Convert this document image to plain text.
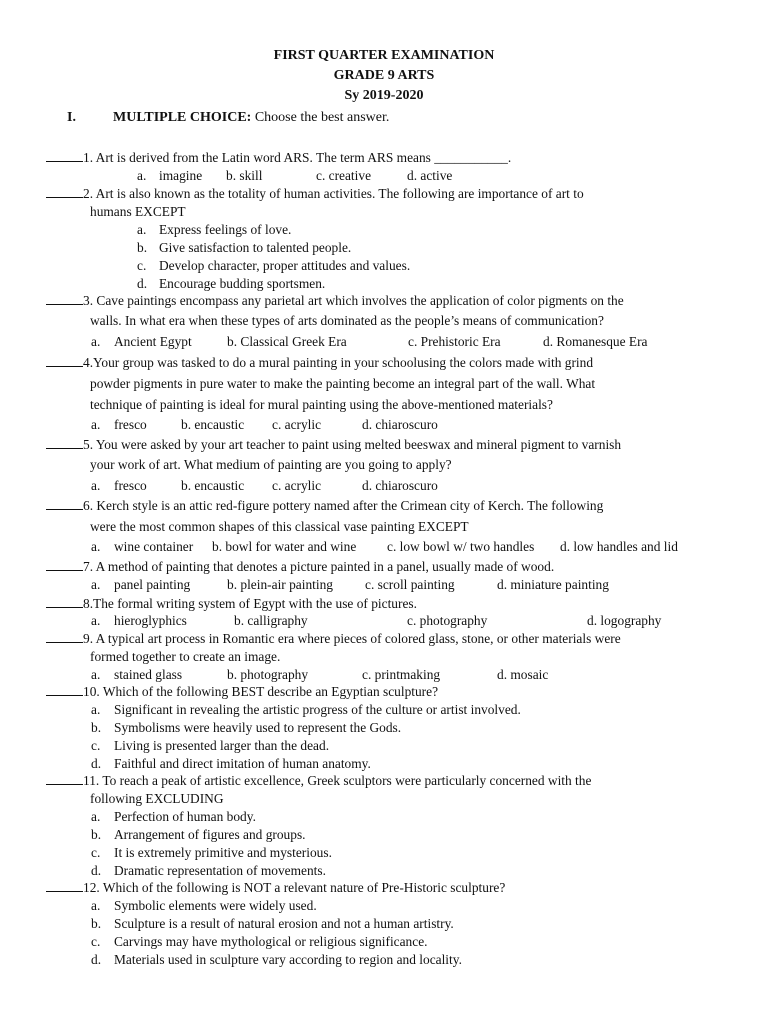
FIRST QUARTER EXAMINATION
GRADE 9 ARTS
Sy 2019-2020
I.	MULTIPLE CHOICE: Choose the best answer.
1. Art is derived from the Latin word ARS. The term ARS means ___________.
a. imagine b. skill	c. creative	d. active
2. Art is also known as the totality of human activities. The following are importance of art to
humans EXCEPT
a. Express feelings of love.
b. Give satisfaction to talented people.
c. Develop character, proper attitudes and values.
d. Encourage budding sportsmen.
3. Cave paintings encompass any parietal art which involves the application of color pigments on the
walls. In what era when these types of arts dominated as the people’s means of communication?
a. Ancient Egypt	b. Classical Greek Era	c. Prehistoric Era	d. Romanesque Era
4.Your group was tasked to do a mural painting in your schoolusing the colors made with grind
powder pigments in pure water to make the painting become an integral part of the wall. What
technique of painting is ideal for mural painting using the above-mentioned materials?
a. fresco	b. encaustic c. acrylic	d. chiaroscuro
5. You were asked by your art teacher to paint using melted beeswax and mineral pigment to varnish
your work of art. What medium of painting are you going to apply?
a. fresco	b. encaustic c. acrylic	d. chiaroscuro
6. Kerch style is an attic red-figure pottery named after the Crimean city of Kerch. The following
were the most common shapes of this classical vase painting EXCEPT
a. wine container b. bowl for water and wine c. low bowl w/ two handles d. low handles and lid
7. A method of painting that denotes a picture painted in a panel, usually made of wood.
a. panel painting	b. plein-air painting c. scroll painting	d. miniature painting
8.The formal writing system of Egypt with the use of pictures.
a. hieroglyphics	b. calligraphy	c. photography	d. logography
9. A typical art process in Romantic era where pieces of colored glass, stone, or other materials were
formed together to create an image.
a. stained glass	b. photography	c. printmaking	d. mosaic
10. Which of the following BEST describe an Egyptian sculpture?
a. Significant in revealing the artistic progress of the culture or artist involved.
b. Symbolisms were heavily used to represent the Gods.
c. Living is presented larger than the dead.
d. Faithful and direct imitation of human anatomy.
11. To reach a peak of artistic excellence, Greek sculptors were particularly concerned with the
following EXCLUDING
a. Perfection of human body.
b. Arrangement of figures and groups.
c. It is extremely primitive and mysterious.
d. Dramatic representation of movements.
12. Which of the following is NOT a relevant nature of Pre-Historic sculpture?
a. Symbolic elements were widely used.
b. Sculpture is a result of natural erosion and not a human artistry.
c. Carvings may have mythological or religious significance.
d. Materials used in sculpture vary according to region and locality.
